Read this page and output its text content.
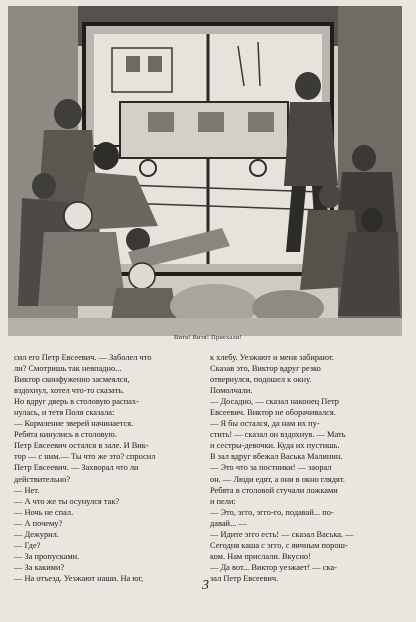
Витя! Витя! Приехали!
сил его Петр Евсеевич. — Заболел что
ли? Смотришь так невпадно...
Виктор сконфуженно засмеялся,
вздохнул, хотел что-то сказать.
Но вдруг дверь в столовую распах-
нулась, и тетя Поля сказала:
— Кормление зверей начинается.
Ребята кинулись в столовую.
Петр Евсеевич остался в зале. И Вик-
тор — с ним.— Ты что же это? спросил
Петр Евсеевич. — Захворал что ли
действительно?
— Нет.
— А что же ты осунулся так?
— Ночь не спал.
— А почему?
— Дежурил.
— Где?
— За пропусками.
— За какими?
— На отъезд. Уезжают наши. На юг,
к хлебу. Уезжают и меня забирают.
Сказав это, Виктор вдруг резко
отвернулся, подошел к окну.
Помолчали.
— Досадно, — сказал наконец Петр
Евсеевич. Виктор не оборачивался.
— Я бы остался, да нам их пу-
стить! — сказал он вздохнув. — Мать
и сестры-девочки. Куда их пустишь.
В зал вдруг вбежал Васька Малинин.
— Это что за постники! — заорал
он. — Люди едят, а они в окно глядят.
Ребята в столовой стучали ложками
и пели:
— Это, эгго, эгго-го, подавай... по-
давай... —
— Идите эгго есть! — сказал Васька. —
Сегодня каша с эгго, с яичным порош-
ком. Нам прислали. Вкусно!
— Да вот... Виктор уезжает! — ска-
зал Петр Евсеевич.
3
